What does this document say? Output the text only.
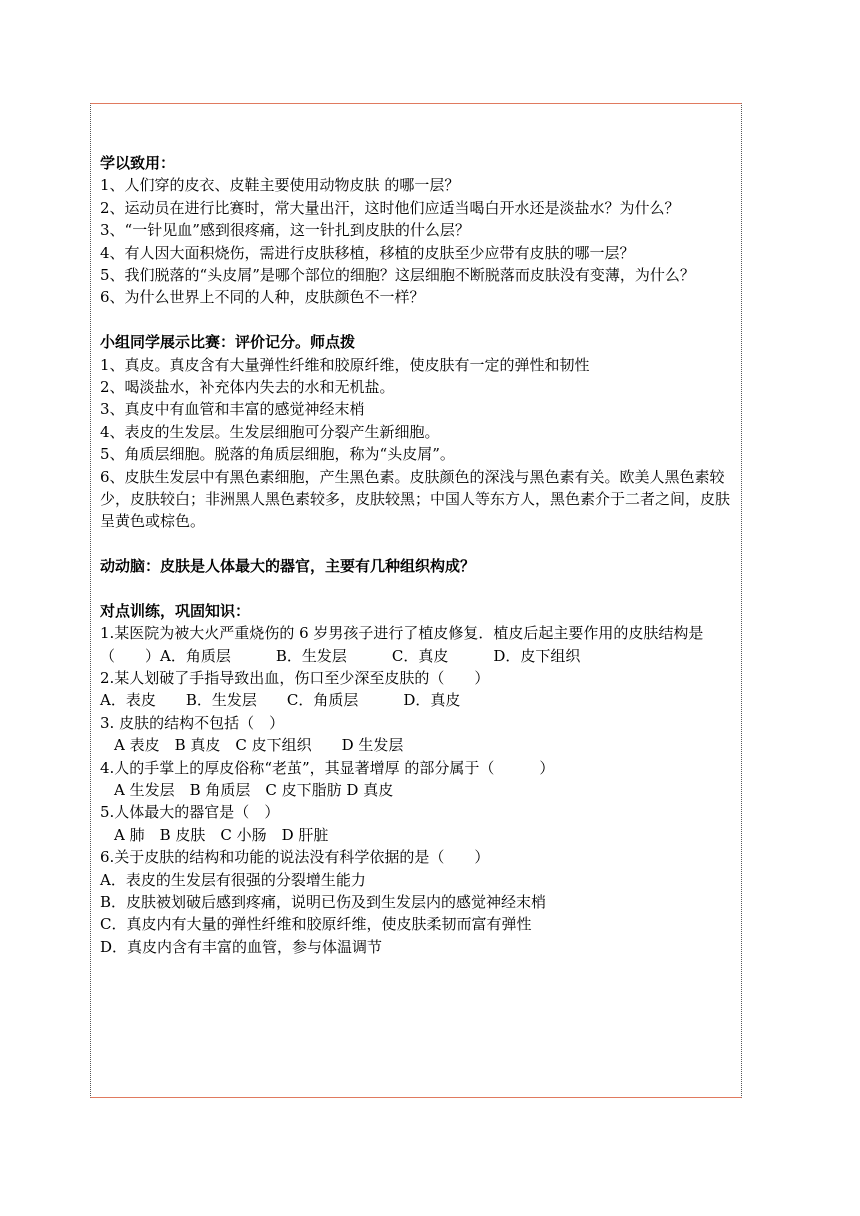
学以致用：
1、人们穿的皮衣、皮鞋主要使用动物皮肤 的哪一层？
2、运动员在进行比赛时，常大量出汗，这时他们应适当喝白开水还是淡盐水？为什么？
3、“一针见血”感到很疼痛，这一针扎到皮肤的什么层？
4、有人因大面积烧伤，需进行皮肤移植，移植的皮肤至少应带有皮肤的哪一层？
5、我们脱落的“头皮屑”是哪个部位的细胞？这层细胞不断脱落而皮肤没有变薄，为什么？
6、为什么世界上不同的人种，皮肤颜色不一样？
小组同学展示比赛：评价记分。师点拨
1、真皮。真皮含有大量弹性纤维和胶原纤维，使皮肤有一定的弹性和韧性
2、喝淡盐水，补充体内失去的水和无机盐。
3、真皮中有血管和丰富的感觉神经末梢
4、表皮的生发层。生发层细胞可分裂产生新细胞。
5、角质层细胞。脱落的角质层细胞，称为“头皮屑”。
6、皮肤生发层中有黑色素细胞，产生黑色素。皮肤颜色的深浅与黑色素有关。欧美人黑色素较少，皮肤较白；非洲黑人黑色素较多，皮肤较黑；中国人等东方人，黑色素介于二者之间，皮肤呈黄色或棕色。
动动脑：皮肤是人体最大的器官，主要有几种组织构成？
对点训练，巩固知识：
1.某医院为被大火严重烧伤的 6 岁男孩子进行了植皮修复．植皮后起主要作用的皮肤结构是（　　）A．角质层　　　B．生发层　　　C．真皮　　　D．皮下组织
2.某人划破了手指导致出血，伤口至少深至皮肤的（　　）
A．表皮　　B．生发层　　C．角质层　　　D．真皮
3. 皮肤的结构不包括（　）
A 表皮　B 真皮　C 皮下组织　　D 生发层
4.人的手掌上的厚皮俗称“老茧”，其显著增厚 的部分属于（　　　）
A 生发层　B 角质层　C 皮下脂肪 D 真皮
5.人体最大的器官是（　）
A 肺　B 皮肤　C 小肠　D 肝脏
6.关于皮肤的结构和功能的说法没有科学依据的是（　　）
A．表皮的生发层有很强的分裂增生能力
B．皮肤被划破后感到疼痛，说明已伤及到生发层内的感觉神经末梢
C．真皮内有大量的弹性纤维和胶原纤维，使皮肤柔韧而富有弹性
D．真皮内含有丰富的血管，参与体温调节
